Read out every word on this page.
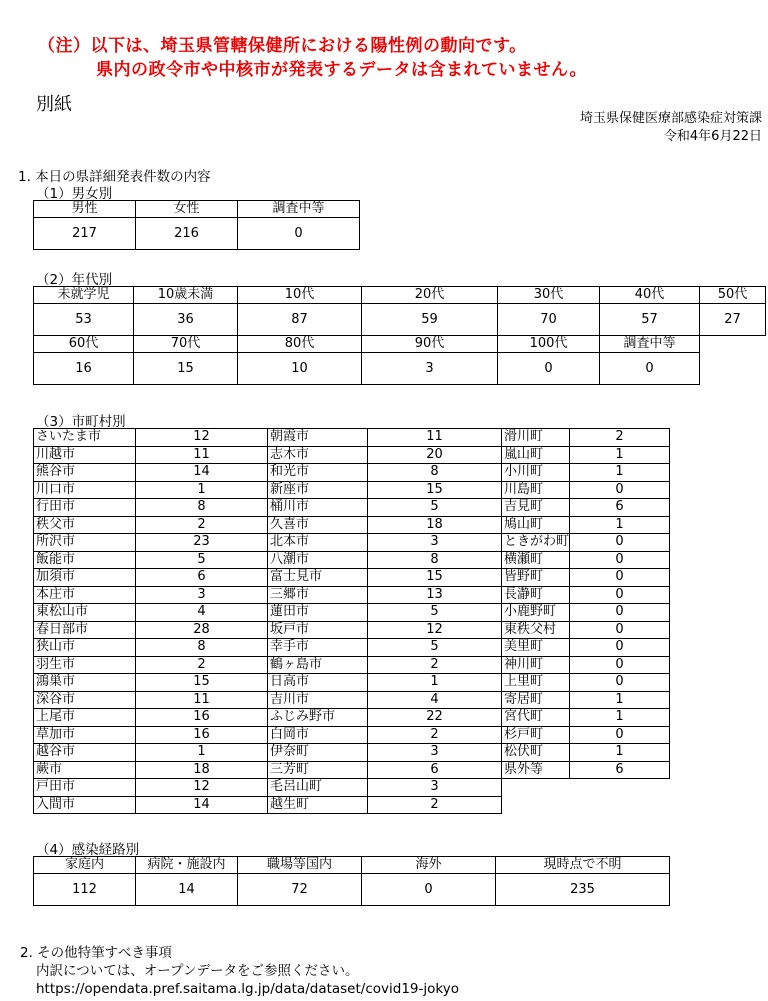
（注）以下は、埼玉県管轄保健所における陽性例の動向です。
県内の政令市や中核市が発表するデータは含まれていません。
別紙
埼玉県保健医療部感染症対策課
令和4年6月22日
1. 本日の県詳細発表件数の内容
（1）男女別
男性	女性	調査中等
217	216	0
（2）年代別
未就学児	10歳未満	10代	20代	30代	40代	50代
53	36	87	59	70	57	27
60代	70代	80代	90代	100代	調査中等	
16	15	10	3	0	0	
（3）市町村別
さいたま市	12	朝霞市	11	滑川町	2
川越市	11	志木市	20	嵐山町	1
熊谷市	14	和光市	8	小川町	1
川口市	1	新座市	15	川島町	0
行田市	8	桶川市	5	吉見町	6
秩父市	2	久喜市	18	鳩山町	1
所沢市	23	北本市	3	ときがわ町	0
飯能市	5	八潮市	8	横瀬町	0
加須市	6	富士見市	15	皆野町	0
本庄市	3	三郷市	13	長瀞町	0
東松山市	4	蓮田市	5	小鹿野町	0
春日部市	28	坂戸市	12	東秩父村	0
狭山市	8	幸手市	5	美里町	0
羽生市	2	鶴ヶ島市	2	神川町	0
鴻巣市	15	日高市	1	上里町	0
深谷市	11	吉川市	4	寄居町	1
上尾市	16	ふじみ野市	22	宮代町	1
草加市	16	白岡市	2	杉戸町	0
越谷市	1	伊奈町	3	松伏町	1
蕨市	18	三芳町	6	県外等	6
戸田市	12	毛呂山町	3		
入間市	14	越生町	2		
（4）感染経路別
家庭内	病院・施設内	職場等国内	海外	現時点で不明
112	14	72	0	235
2. その他特筆すべき事項
内訳については、オープンデータをご参照ください。
https://opendata.pref.saitama.lg.jp/data/dataset/covid19-jokyo
